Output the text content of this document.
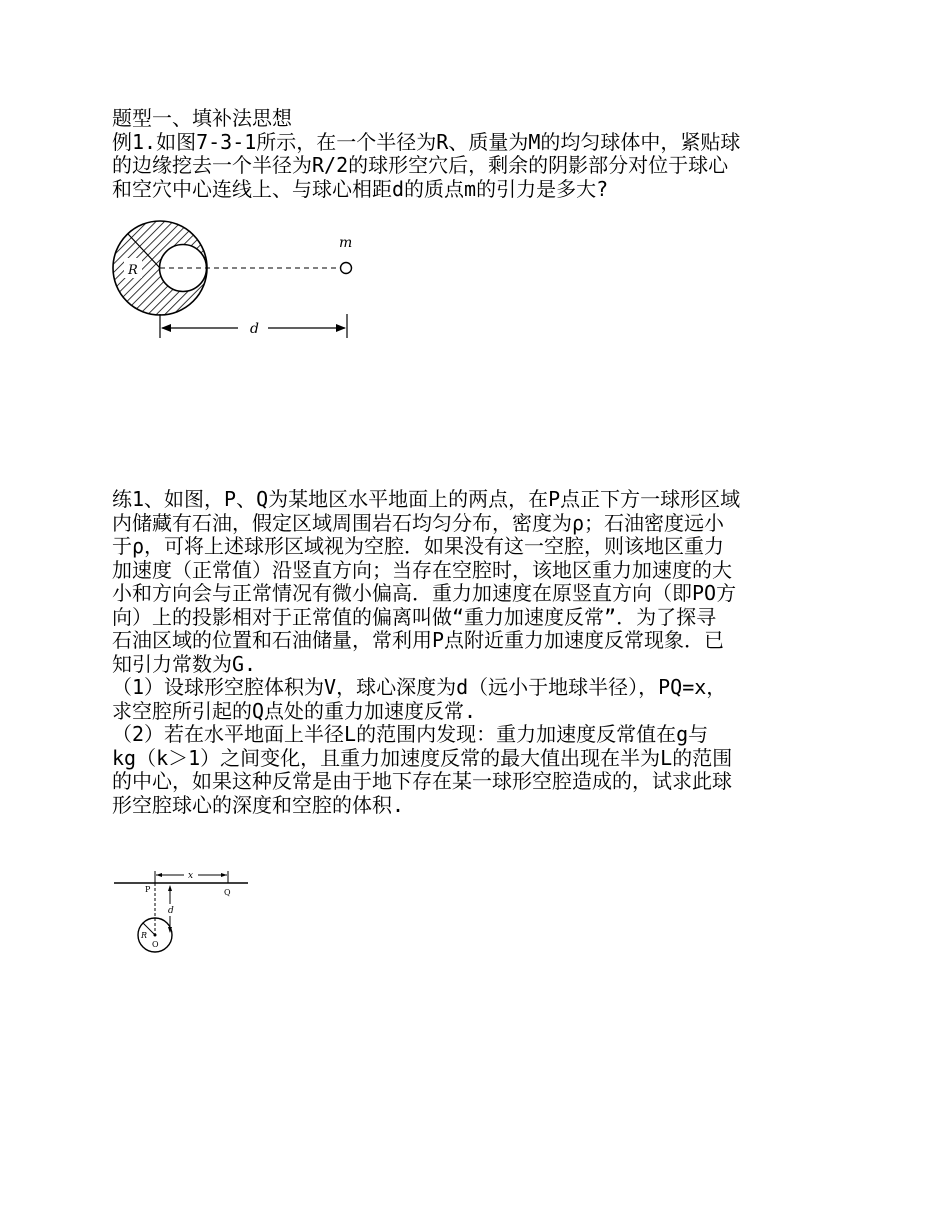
题型一、填补法思想

例1.如图7-3-1所示，在一个半径为R、质量为M的均匀球体中，紧贴球

的边缘挖去一个半径为R/2的球形空穴后，剩余的阴影部分对位于球心

和空穴中心连线上、与球心相距d的质点m的引力是多大?

R
m
d

练1、如图，P、Q为某地区水平地面上的两点，在P点正下方一球形区域

内储藏有石油，假定区域周围岩石均匀分布，密度为ρ；石油密度远小

于ρ，可将上述球形区域视为空腔．如果没有这一空腔，则该地区重力

加速度（正常值）沿竖直方向；当存在空腔时，该地区重力加速度的大

小和方向会与正常情况有微小偏高．重力加速度在原竖直方向（即PO方

向）上的投影相对于正常值的偏离叫做“重力加速度反常”．为了探寻

石油区域的位置和石油储量，常利用P点附近重力加速度反常现象．已

知引力常数为G.

（1）设球形空腔体积为V，球心深度为d（远小于地球半径），PQ=x，

求空腔所引起的Q点处的重力加速度反常.

（2）若在水平地面上半径L的范围内发现：重力加速度反常值在g与

kg（k＞1）之间变化，且重力加速度反常的最大值出现在半为L的范围

的中心，如果这种反常是由于地下存在某一球形空腔造成的，试求此球

形空腔球心的深度和空腔的体积.

x
P	Q
d
R
O
